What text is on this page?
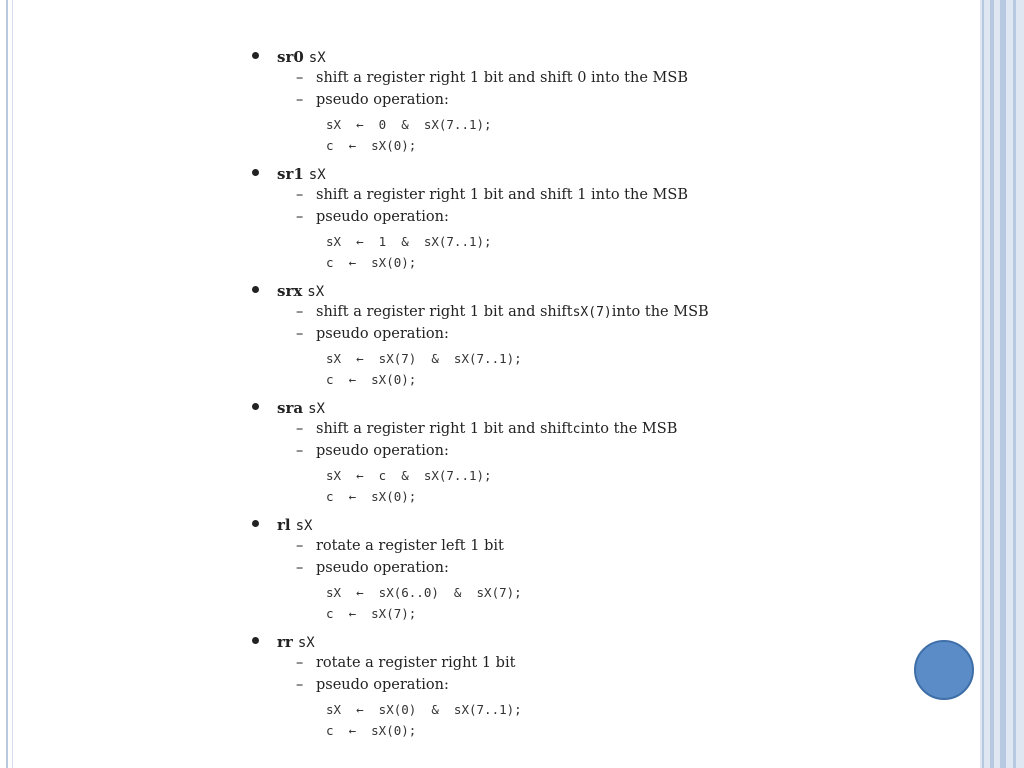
sr0 sX
– shift a register right 1 bit and shift 0 into the MSB
– pseudo operation:
sX  ←  0  &  sX(7..1);
c  ←  sX(0);
sr1 sX
– shift a register right 1 bit and shift 1 into the MSB
– pseudo operation:
sX  ←  1  &  sX(7..1);
c  ←  sX(0);
srx sX
– shift a register right 1 bit and shift sX(7) into the MSB
– pseudo operation:
sX  ←  sX(7)  &  sX(7..1);
c  ←  sX(0);
sra sX
– shift a register right 1 bit and shift c into the MSB
– pseudo operation:
sX  ←  c  &  sX(7..1);
c  ←  sX(0);
rl sX
– rotate a register left 1 bit
– pseudo operation:
sX  ←  sX(6..0)  &  sX(7);
c  ←  sX(7);
rr sX
– rotate a register right 1 bit
– pseudo operation:
sX  ←  sX(0)  &  sX(7..1);
c  ←  sX(0);
